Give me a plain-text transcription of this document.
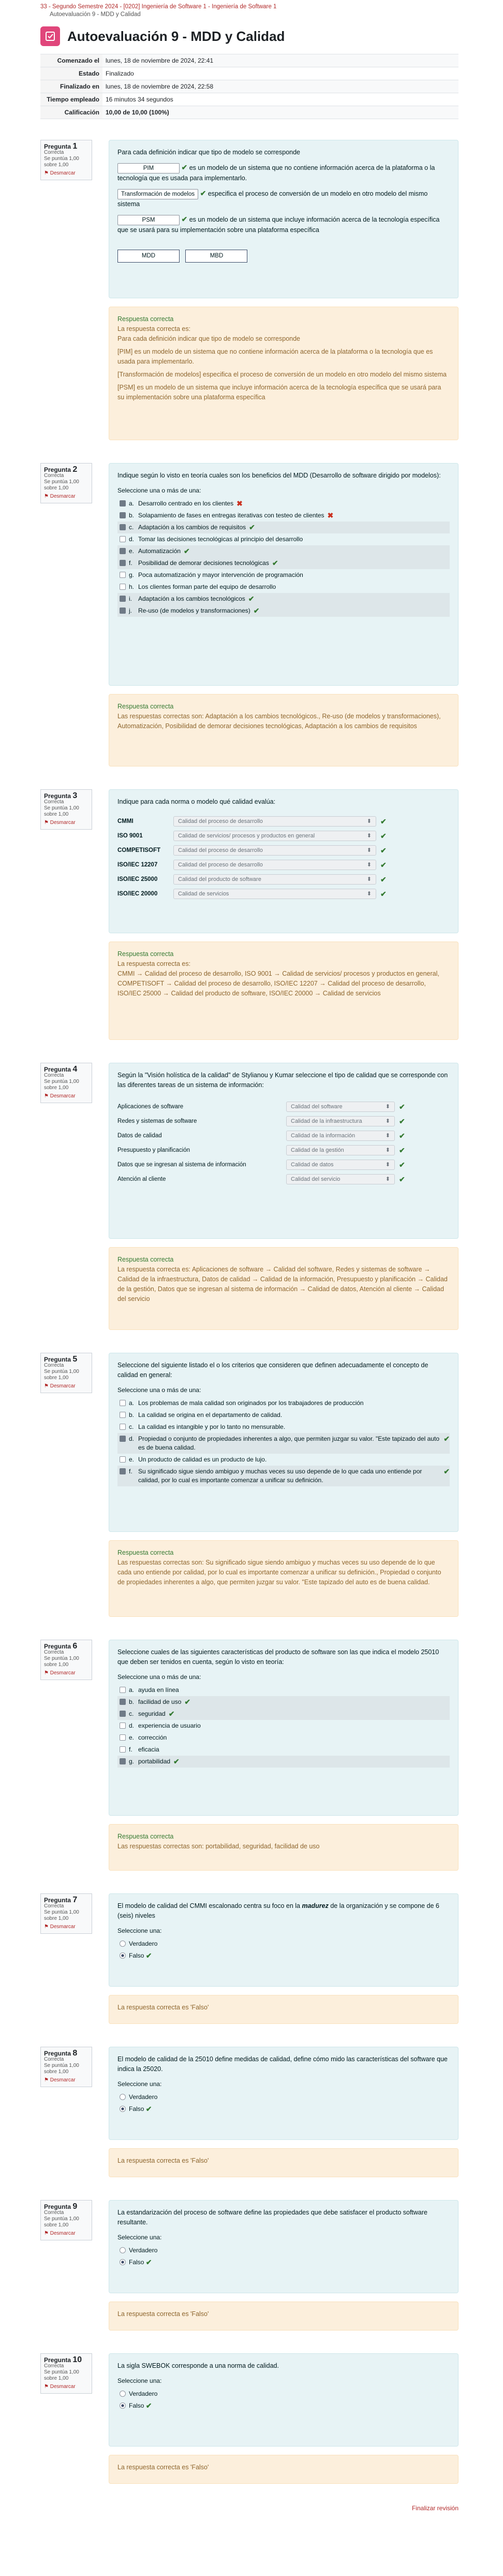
33 - Segundo Semestre 2024 - [0202] Ingeniería de Software 1 - Ingeniería de Software 1
Autoevaluación 9 - MDD y Calidad
Autoevaluación 9 - MDD y Calidad
Comenzado el	lunes, 18 de noviembre de 2024, 22:41
Estado	Finalizado
Finalizado en	lunes, 18 de noviembre de 2024, 22:58
Tiempo empleado	16 minutos 34 segundos
Calificación	10,00 de 10,00 (100%)
Pregunta 1
Correcta
Se puntúa 1,00 sobre 1,00
⚑ Desmarcar
Para cada definición indicar que tipo de modelo se corresponde
PIM	✔ es un modelo de un sistema que no contiene información acerca de la plataforma o la tecnología que es usada para implementarlo.
Transformación de modelos ✔ especifica el proceso de conversión de un modelo en otro modelo del mismo sistema
PSM	✔ es un modelo de un sistema que incluye información acerca de la tecnología específica que se usará para su implementación sobre una plataforma específica
MDD	MBD
Respuesta correcta
La respuesta correcta es:
Para cada definición indicar que tipo de modelo se corresponde
[PIM] es un modelo de un sistema que no contiene información acerca de la plataforma o la tecnología que es usada para implementarlo.
[Transformación de modelos] especifica el proceso de conversión de un modelo en otro modelo del mismo sistema
[PSM] es un modelo de un sistema que incluye información acerca de la tecnología específica que se usará para su implementación sobre una plataforma específica
Pregunta 2
Correcta
Se puntúa 1,00 sobre 1,00
⚑ Desmarcar
Indique según lo visto en teoría cuales son los beneficios del MDD (Desarrollo de software dirigido por modelos):
Seleccione una o más de una:
a. Desarrollo centrado en los clientes ✖
b. Solapamiento de fases en entregas iterativas con testeo de clientes ✖
c. Adaptación a los cambios de requisitos ✔
d. Tomar las decisiones tecnológicas al principio del desarrollo
e. Automatización ✔
f. Posibilidad de demorar decisiones tecnológicas ✔
g. Poca automatización y mayor intervención de programación
h. Los clientes forman parte del equipo de desarrollo
i.	Adaptación a los cambios tecnológicos ✔
j.	Re-uso (de modelos y transformaciones) ✔
Respuesta correcta
Las respuestas correctas son: Adaptación a los cambios tecnológicos., Re-uso (de modelos y transformaciones), Automatización, Posibilidad de demorar decisiones tecnológicas, Adaptación a los cambios de requisitos
Pregunta 3
Correcta
Se puntúa 1,00 sobre 1,00
⚑ Desmarcar
Indique para cada norma o modelo qué calidad evalúa:
CMMI	Calidad del proceso de desarrollo	⬍ ✔
ISO 9001	Calidad de servicios/ procesos y productos en general	⬍ ✔
COMPETISOFT	Calidad del proceso de desarrollo	⬍ ✔
ISO/IEC 12207	Calidad del proceso de desarrollo	⬍ ✔
ISO/IEC 25000	Calidad del producto de software	⬍ ✔
ISO/IEC 20000	Calidad de servicios	⬍ ✔
Respuesta correcta
La respuesta correcta es:
CMMI → Calidad del proceso de desarrollo, ISO 9001 → Calidad de servicios/ procesos y productos en general, COMPETISOFT → Calidad del proceso de desarrollo, ISO/IEC 12207 → Calidad del proceso de desarrollo, ISO/IEC 25000 → Calidad del producto de software, ISO/IEC 20000 → Calidad de servicios
Pregunta 4
Correcta
Se puntúa 1,00 sobre 1,00
⚑ Desmarcar
Según la "Visión holística de la calidad" de Stylianou y Kumar seleccione el tipo de calidad que se corresponde con las diferentes tareas de un sistema de información:
Aplicaciones de software	Calidad del software	⬍ ✔
Redes y sistemas de software	Calidad de la infraestructura	⬍ ✔
Datos de calidad	Calidad de la información	⬍ ✔
Presupuesto y planificación	Calidad de la gestión	⬍ ✔
Datos que se ingresan al sistema de información	Calidad de datos	⬍ ✔
Atención al cliente	Calidad del servicio	⬍ ✔
Respuesta correcta
La respuesta correcta es: Aplicaciones de software → Calidad del software, Redes y sistemas de software → Calidad de la infraestructura, Datos de calidad → Calidad de la información, Presupuesto y planificación → Calidad de la gestión, Datos que se ingresan al sistema de información → Calidad de datos, Atención al cliente → Calidad del servicio
Pregunta 5
Correcta
Se puntúa 1,00 sobre 1,00
⚑ Desmarcar
Seleccione del siguiente listado el o los criterios que consideren que definen adecuadamente el concepto de calidad en general:
Seleccione una o más de una:
a. Los problemas de mala calidad son originados por los trabajadores de producción
b. La calidad se origina en el departamento de calidad.
c. La calidad es intangible y por lo tanto no mensurable.
d. Propiedad o conjunto de propiedades inherentes a algo, que permiten juzgar su valor. "Este tapizado del auto es de buena calidad.
✔
e. Un producto de calidad es un producto de lujo.
f. Su significado sigue siendo ambiguo y muchas veces su uso depende de lo que cada uno entiende por calidad, por lo cual es importante comenzar a unificar su definición.
✔
Respuesta correcta
Las respuestas correctas son: Su significado sigue siendo ambiguo y muchas veces su uso depende de lo que cada uno entiende por calidad, por lo cual es importante comenzar a unificar su definición., Propiedad o conjunto de propiedades inherentes a algo, que permiten juzgar su valor. "Este tapizado del auto es de buena calidad.
Pregunta 6
Correcta
Se puntúa 1,00 sobre 1,00
⚑ Desmarcar
Seleccione cuales de las siguientes características del producto de software son las que indica el modelo 25010 que deben ser tenidos en cuenta, según lo visto en teoría:
Seleccione una o más de una:
a. ayuda en línea
b. facilidad de uso ✔
c. seguridad ✔
d. experiencia de usuario
e. corrección
f. eficacia
g. portabilidad ✔
Respuesta correcta
Las respuestas correctas son: portabilidad, seguridad, facilidad de uso
Pregunta 7
Correcta
Se puntúa 1,00 sobre 1,00
⚑ Desmarcar
El modelo de calidad del CMMI escalonado centra su foco en la madurez de la organización y se compone de 6 (seis) niveles
Seleccione una:
Verdadero
Falso
✔
La respuesta correcta es 'Falso'
Pregunta 8
Correcta
Se puntúa 1,00 sobre 1,00
⚑ Desmarcar
El modelo de calidad de la 25010 define medidas de calidad, define cómo mido las características del software que indica la 25020.
Seleccione una:
Verdadero
Falso
✔
La respuesta correcta es 'Falso'
Pregunta 9
Correcta
Se puntúa 1,00 sobre 1,00
⚑ Desmarcar
La estandarización del proceso de software define las propiedades que debe satisfacer el producto software resultante.
Seleccione una:
Verdadero
Falso
✔
La respuesta correcta es 'Falso'
Pregunta 10
Correcta
Se puntúa 1,00 sobre 1,00
⚑ Desmarcar
La sigla SWEBOK corresponde a una norma de calidad.
Seleccione una:
Verdadero
Falso
✔
La respuesta correcta es 'Falso'
Finalizar revisión
